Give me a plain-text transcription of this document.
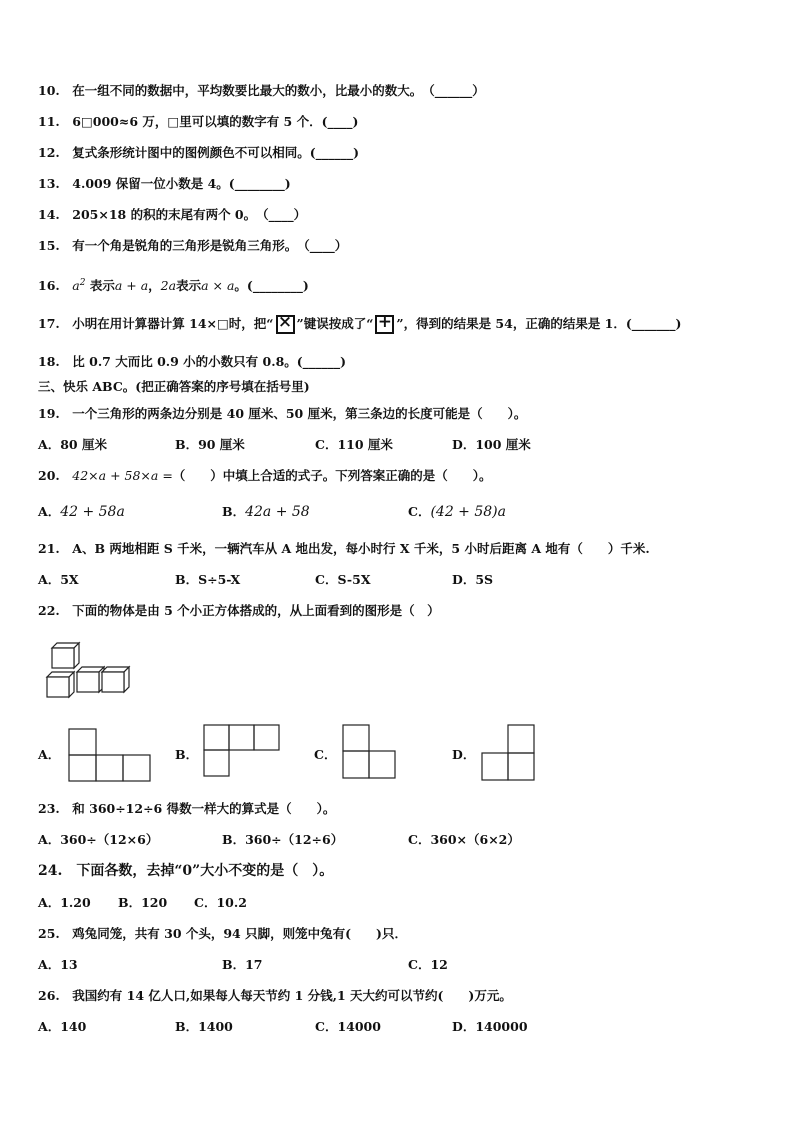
10.　 在一组不同的数据中，平均数要比最大的数小，比最小的数大。　（______）
11.　 6□000≈6 万，□里可以填的数字有 5 个．(____)
12.　 复式条形统计图中的图例颜色不可以相同。(______)
13.　 4.009 保留一位小数是 4。(________)
14.　 205×18 的积的末尾有两个 0。　（____）
15.　 有一个角是锐角的三角形是锐角三角形。　（____）
16.　 $a^2$ 表示a + a，2a表示a × a。(________)
17.　 小明在用计算器计算 14×□时，把“ × ”键误按成了“ + ”，得到的结果是 54，正确的结果是 1．(_______)
18.　 比 0.7 大而比 0.9 小的小数只有 0.8。(______)
三、快乐 ABC。(把正确答案的序号填在括号里)
19.　 一个三角形的两条边分别是 40 厘米、50 厘米，第三条边的长度可能是（　　）。
A．80 厘米	B．90 厘米	C．110 厘米	D．100 厘米
20.　 42×a + 58×a =（　　）中填上合适的式子。下列答案正确的是（　　）。
A．42 + 58a	B．42a + 58	C．(42 + 58)a
21.　 A、B 两地相距 S 千米，一辆汽车从 A 地出发，每小时行 X 千米，5 小时后距离 A 地有（　　）千米.
A．5X	B．S÷5-X	C．S-5X	D．5S
22.　 下面的物体是由 5 个小正方体搭成的，从上面看到的图形是（　）
A．	B．	C．	D．
23.　 和 360÷12÷6 得数一样大的算式是（　　）。
A．360÷（12×6）	B．360÷（12÷6）	C．360×（6×2）
24.　 下面各数，去掉“0”大小不变的是（　）。
A．1.20 B．120 C．10.2
25.　 鸡兔同笼，共有 30 个头，94 只脚，则笼中兔有(　　)只．
A．13	B．17	C．12
26.　 我国约有 14 亿人口,如果每人每天节约 1 分钱,1 天大约可以节约(　　)万元。
A．140	B．1400	C．14000	D．140000
